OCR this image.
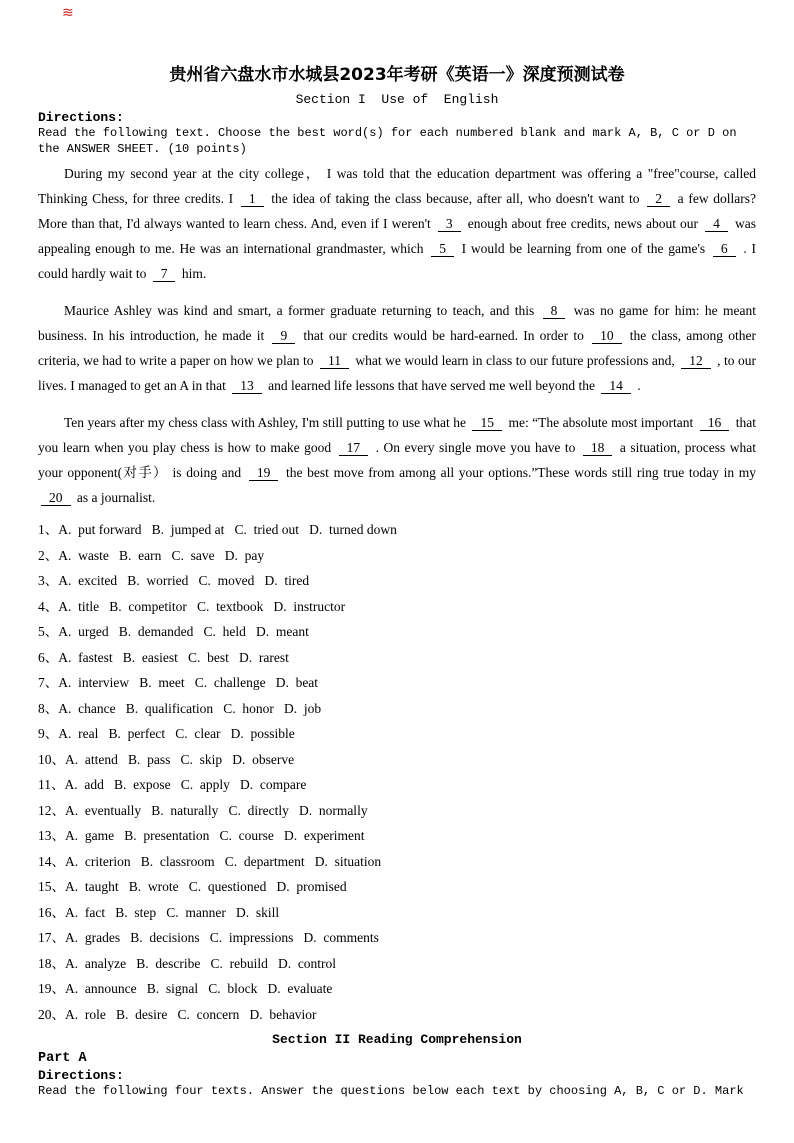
≋
贵州省六盘水市水城县2023年考研《英语一》深度预测试卷
Section I  Use of  English
Directions:
Read the following text. Choose the best word(s) for each numbered blank and mark A, B, C or D on the ANSWER SHEET. (10 points)

During my second year at the city college， I was told that the education department was offering a "free"course, called Thinking Chess, for three credits. I 1 the idea of taking the class because, after all, who doesn't want to 2 a few dollars? More than that, I'd always wanted to learn chess. And, even if I weren't 3 enough about free credits, news about our 4 was appealing enough to me. He was an international grandmaster, which 5 I would be learning from one of the game's 6 . I could hardly wait to 7 him.

Maurice Ashley was kind and smart, a former graduate returning to teach, and this 8 was no game for him: he meant business. In his introduction, he made it 9 that our credits would be hard-earned. In order to 10 the class, among other criteria, we had to write a paper on how we plan to 11 what we would learn in class to our future professions and, 12 , to our lives. I managed to get an A in that 13 and learned life lessons that have served me well beyond the 14 .

Ten years after my chess class with Ashley, I'm still putting to use what he 15 me: “The absolute most important 16 that you learn when you play chess is how to make good 17 . On every single move you have to 18 a situation, process what your opponent(对手） is doing and 19 the best move from among all your options.”These words still ring true today in my 20 as a journalist.

1、A.  put forward   B.  jumped at   C.  tried out   D.  turned down
2、A.  waste   B.  earn   C.  save   D.  pay
3、A.  excited   B.  worried   C.  moved   D.  tired
4、A.  title   B.  competitor   C.  textbook   D.  instructor
5、A.  urged   B.  demanded   C.  held   D.  meant
6、A.  fastest   B.  easiest   C.  best   D.  rarest
7、A.  interview   B.  meet   C.  challenge   D.  beat
8、A.  chance   B.  qualification   C.  honor   D.  job
9、A.  real   B.  perfect   C.  clear   D.  possible
10、A.  attend   B.  pass   C.  skip   D.  observe
11、A.  add   B.  expose   C.  apply   D.  compare
12、A.  eventually   B.  naturally   C.  directly   D.  normally
13、A.  game   B.  presentation   C.  course   D.  experiment
14、A.  criterion   B.  classroom   C.  department   D.  situation
15、A.  taught   B.  wrote   C.  questioned   D.  promised
16、A.  fact   B.  step   C.  manner   D.  skill
17、A.  grades   B.  decisions   C.  impressions   D.  comments
18、A.  analyze   B.  describe   C.  rebuild   D.  control
19、A.  announce   B.  signal   C.  block   D.  evaluate
20、A.  role   B.  desire   C.  concern   D.  behavior
Section II Reading Comprehension
Part A
Directions:
Read the following four texts. Answer the questions below each text by choosing A, B, C or D. Mark
